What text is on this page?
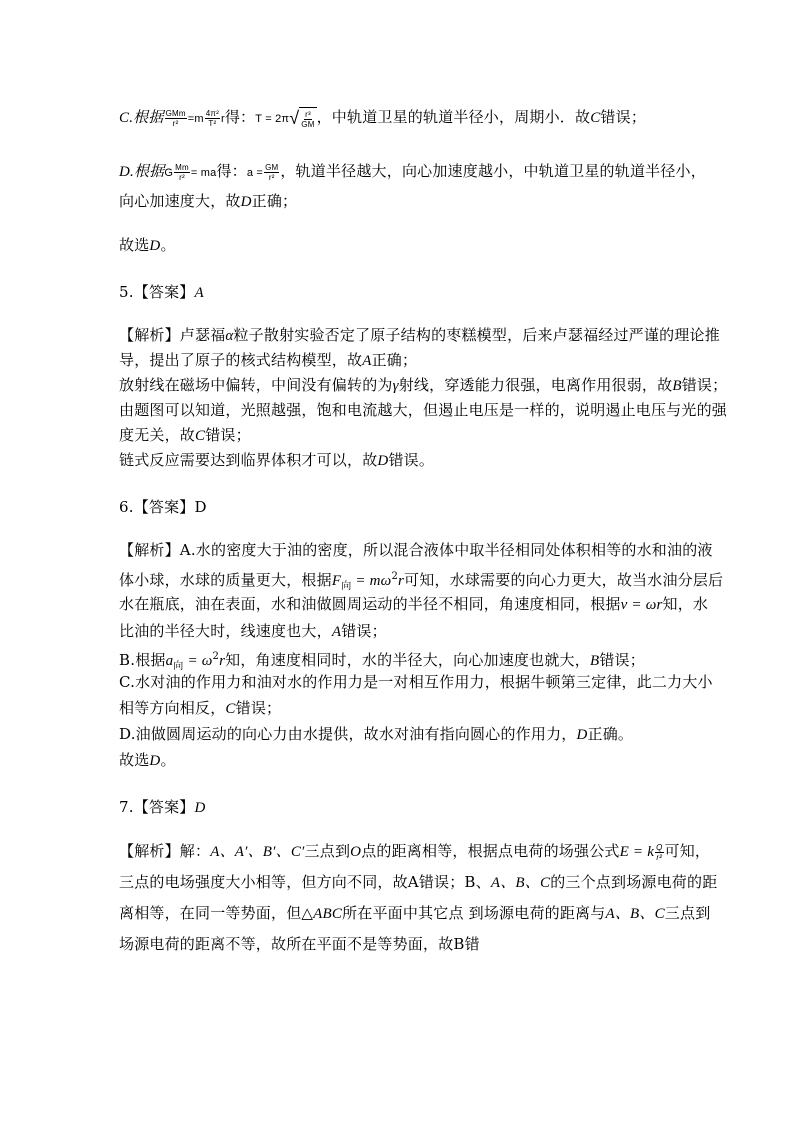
C.根据 $\frac{\text{GMm}}{\text{r²}} =m \frac{\text{4π²}}{\text{T²}}$ r得：$T = 2\pi√ \frac{\text{r³}}{GM}$ ，中轨道卫星的轨道半径小，周期小．故C错误；
D.根据G $\frac{Mm}{\text{r²}}$ = ma得：$a = \frac{GM}{\text{r²}}$ ，轨道半径越大，向心加速度越小，中轨道卫星的轨道半径小，
向心加速度大，故D正确；
故选D。
5.【答案】A
【解析】卢瑟福α粒子散射实验否定了原子结构的枣糕模型，后来卢瑟福经过严谨的理论推
导，提出了原子的核式结构模型，故A正确；
放射线在磁场中偏转，中间没有偏转的为γ射线，穿透能力很强，电离作用很弱，故B错误；
由题图可以知道，光照越强，饱和电流越大，但遏止电压是一样的，说明遏止电压与光的强
度无关，故C错误；
链式反应需要达到临界体积才可以，故D错误。
6.【答案】D
【解析】A.水的密度大于油的密度，所以混合液体中取半径相同处体积相等的水和油的液
体小球，水球的质量更大，根据$F_向 = m\omega^2r$可知，水球需要的向心力更大，故当水油分层后
水在瓶底，油在表面，水和油做圆周运动的半径不相同，角速度相同，根据v = ωr知，水
比油的半径大时，线速度也大，A错误；
B.根据$a_向 = \omega^2r$知，角速度相同时，水的半径大，向心加速度也就大，B错误；
C.水对油的作用力和油对水的作用力是一对相互作用力，根据牛顿第三定律，此二力大小
相等方向相反，C错误；
D.油做圆周运动的向心力由水提供，故水对油有指向圆心的作用力，D正确。
故选D。
7.【答案】D
【解析】解：A、A′、B′、C′三点到O点的距离相等，根据点电荷的场强公式E = k $\frac{Q}{\text{r²}}$ 可知，
三点的电场强度大小相等，但方向不同，故A错误；B、A、B、C的三个点到场源电荷的距
离相等，在同一等势面，但△ABC所在平面中其它点 到场源电荷的距离与A、B、C三点到
场源电荷的距离不等，故所在平面不是等势面，故B错
